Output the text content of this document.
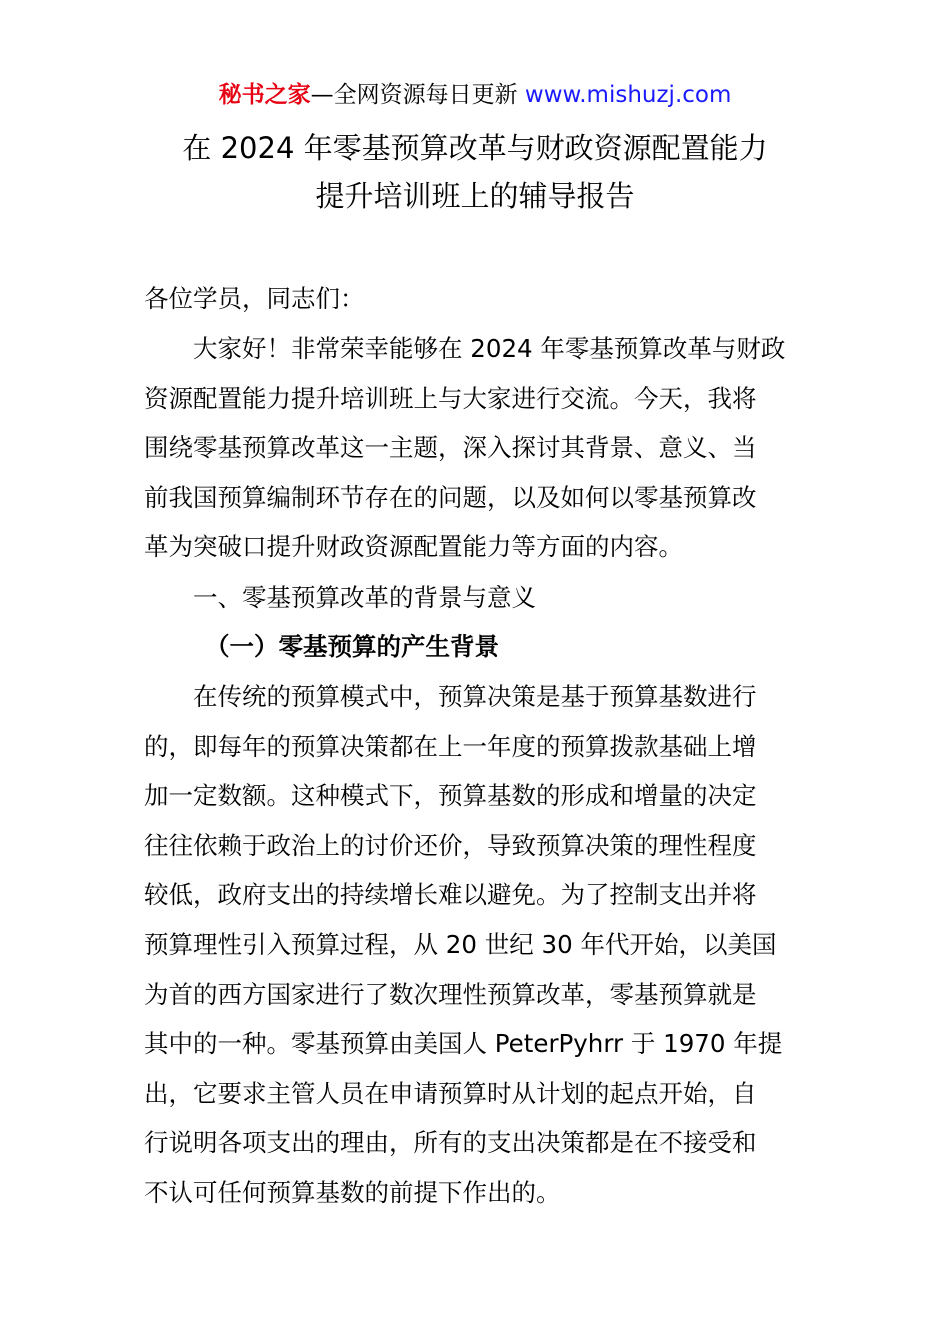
秘书之家—全网资源每日更新 www.mishuzj.com
在 2024 年零基预算改革与财政资源配置能力
提升培训班上的辅导报告
各位学员，同志们：
大家好！非常荣幸能够在 2024 年零基预算改革与财政
资源配置能力提升培训班上与大家进行交流。今天，我将
围绕零基预算改革这一主题，深入探讨其背景、意义、当
前我国预算编制环节存在的问题，以及如何以零基预算改
革为突破口提升财政资源配置能力等方面的内容。
一、零基预算改革的背景与意义
（一）零基预算的产生背景
在传统的预算模式中，预算决策是基于预算基数进行
的，即每年的预算决策都在上一年度的预算拨款基础上增
加一定数额。这种模式下，预算基数的形成和增量的决定
往往依赖于政治上的讨价还价，导致预算决策的理性程度
较低，政府支出的持续增长难以避免。为了控制支出并将
预算理性引入预算过程，从 20 世纪 30 年代开始，以美国
为首的西方国家进行了数次理性预算改革，零基预算就是
其中的一种。零基预算由美国人 PeterPyhrr 于 1970 年提
出，它要求主管人员在申请预算时从计划的起点开始，自
行说明各项支出的理由，所有的支出决策都是在不接受和
不认可任何预算基数的前提下作出的。
